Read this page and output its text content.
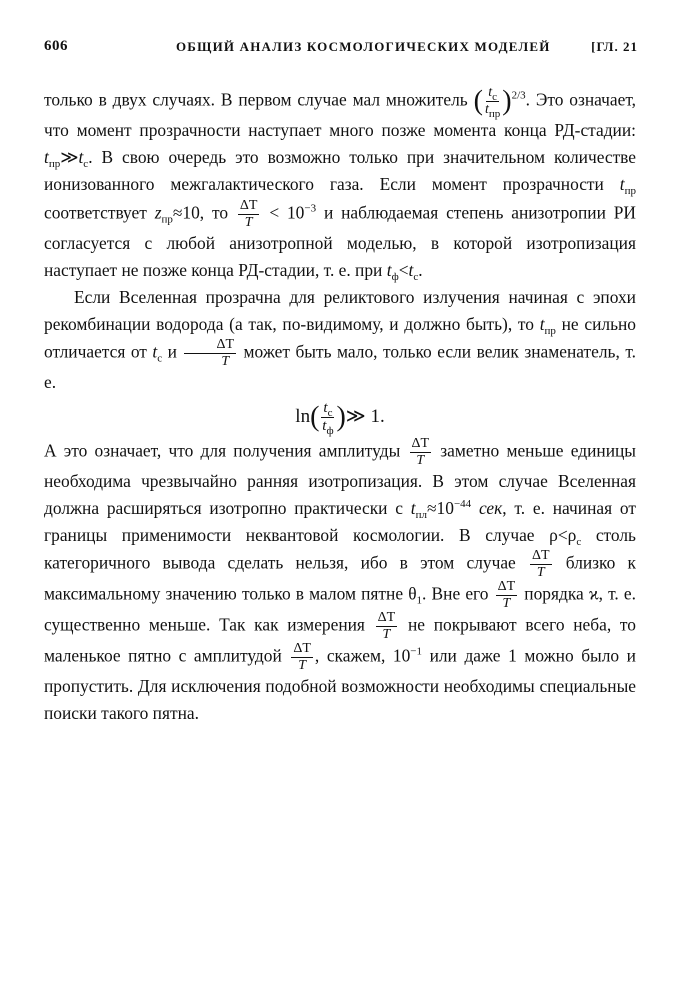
606	ОБЩИЙ АНАЛИЗ КОСМОЛОГИЧЕСКИХ МОДЕЛЕЙ	[ГЛ. 21

только в двух случаях. В первом случае мал множитель ( $\frac{t_c}{t_{пр}} )^{2/3}$. Это означает, что момент прозрачности наступает много позже момента конца РД-стадии: $t_{пр}≫t_c$. В свою очередь это возможно только при значительном количестве ионизованного межгалактического газа. Если момент прозрачности $t_{пр}$ соответствует $z_{пр}\approx 10$, то $\frac{\Delta T}{T} < 10^{-3}$ и наблюдаемая степень анизотропии РИ согласуется с любой анизотропной моделью, в которой изотропизация наступает не позже конца РД-стадии, т. е. при $t_ф<t_c$.

Если Вселенная прозрачна для реликтового излучения начиная с эпохи рекомбинации водорода (а так, по-видимому, и должно быть), то $t_{пр}$ не сильно отличается от $t_c$ и $\frac{\Delta T}{T}$ может быть мало, только если велик знаменатель, т. е.

$\ln( \frac{t_c}{t_ф}$ )≫ 1.

А это означает, что для получения амплитуды $\frac{\Delta T}{T}$ заметно меньше единицы необходима чрезвычайно ранняя изотропизация. В этом случае Вселенная должна расширяться изотропно практически с $t_{пл}\approx 10^{-44}$ сек, т. е. начиная от границы применимости неквантовой космологии. В случае $\rho<\rho_c$ столь категоричного вывода сделать нельзя, ибо в этом случае $\frac{\Delta T}{T}$ близко к максимальному значению только в малом пятне $\theta_1$. Вне его $\frac{\Delta T}{T}$ порядка ϰ, т. е. существенно меньше. Так как измерения $\frac{\Delta T}{T}$ не покрывают всего неба, то маленькое пятно с амплитудой $\frac{\Delta T}{T}$ , скажем, $10^{-1}$ или даже 1 можно было и пропустить. Для исключения подобной возможности необходимы специальные поиски такого пятна.
